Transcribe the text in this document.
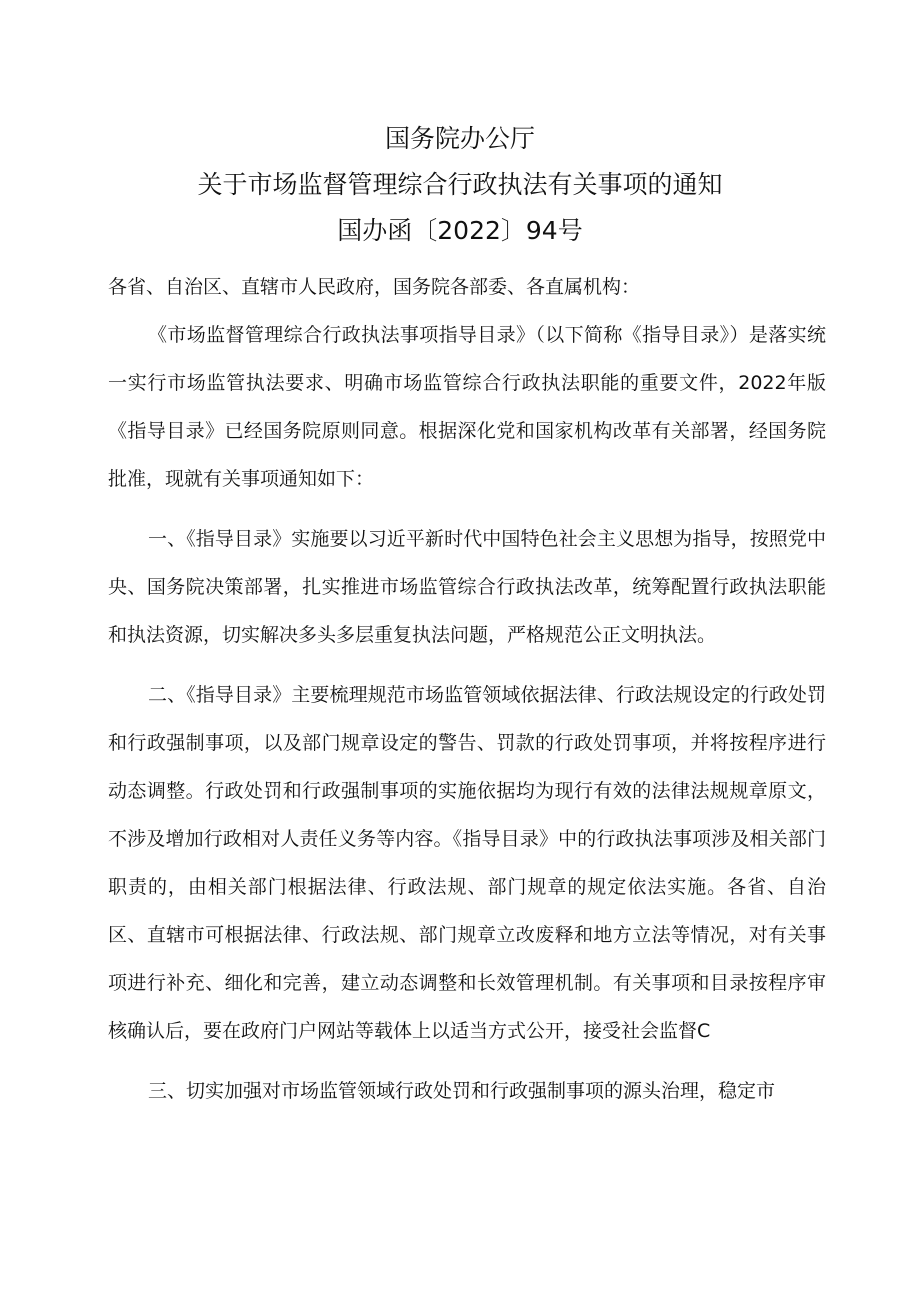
国务院办公厅
关于市场监督管理综合行政执法有关事项的通知
国办函〔2022〕94号

各省、自治区、直辖市人民政府，国务院各部委、各直属机构：

《市场监督管理综合行政执法事项指导目录》（以下简称《指导目录》）是落实统一实行市场监管执法要求、明确市场监管综合行政执法职能的重要文件，2022年版《指导目录》已经国务院原则同意。根据深化党和国家机构改革有关部署，经国务院批准，现就有关事项通知如下：

一、《指导目录》实施要以习近平新时代中国特色社会主义思想为指导，按照党中央、国务院决策部署，扎实推进市场监管综合行政执法改革，统筹配置行政执法职能和执法资源，切实解决多头多层重复执法问题，严格规范公正文明执法。

二、《指导目录》主要梳理规范市场监管领域依据法律、行政法规设定的行政处罚和行政强制事项，以及部门规章设定的警告、罚款的行政处罚事项，并将按程序进行动态调整。行政处罚和行政强制事项的实施依据均为现行有效的法律法规规章原文，不涉及增加行政相对人责任义务等内容。《指导目录》中的行政执法事项涉及相关部门职责的，由相关部门根据法律、行政法规、部门规章的规定依法实施。各省、自治区、直辖市可根据法律、行政法规、部门规章立改废释和地方立法等情况，对有关事项进行补充、细化和完善，建立动态调整和长效管理机制。有关事项和目录按程序审核确认后，要在政府门户网站等载体上以适当方式公开，接受社会监督C

三、切实加强对市场监管领域行政处罚和行政强制事项的源头治理，稳定市
